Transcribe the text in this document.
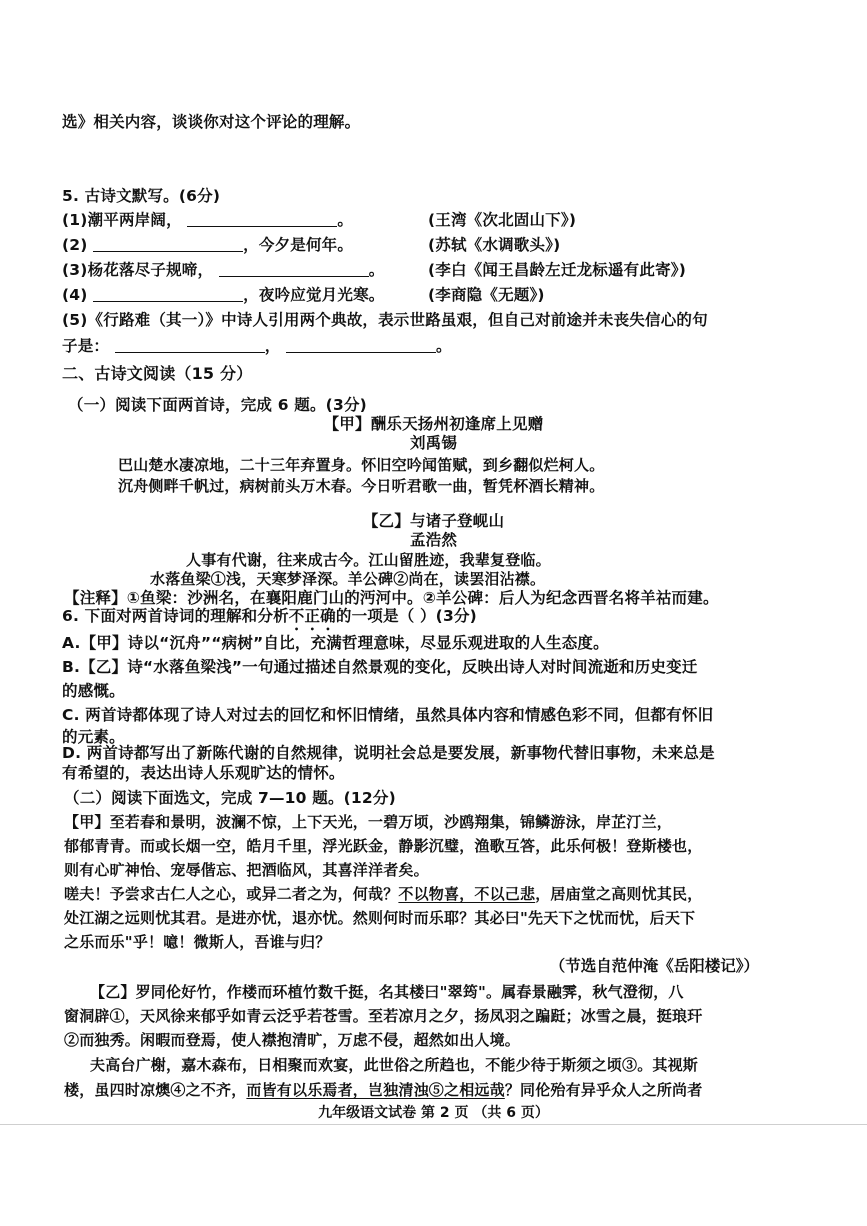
选》相关内容，谈谈你对这个评论的理解。
5. 古诗文默写。(6分)
(1)潮平两岸阔，	。	(王湾《次北固山下》)
(2)	，今夕是何年。	(苏轼《水调歌头》)
(3)杨花落尽子规啼，	。	(李白《闻王昌龄左迁龙标遥有此寄》)
(4)	，夜吟应觉月光寒。	(李商隐《无题》)
(5)《行路难（其一）》中诗人引用两个典故，表示世路虽艰，但自己对前途并未丧失信心的句
子是：	，	。
二、古诗文阅读（15 分）
（一）阅读下面两首诗，完成 6 题。(3分)
【甲】酬乐天扬州初逢席上见赠
刘禹锡
巴山楚水凄凉地，二十三年弃置身。怀旧空吟闻笛赋，到乡翻似烂柯人。
沉舟侧畔千帆过，病树前头万木春。今日听君歌一曲，暂凭杯酒长精神。
【乙】与诸子登岘山
孟浩然
人事有代谢，往来成古今。江山留胜迹，我辈复登临。
水落鱼梁①浅，天寒梦泽深。羊公碑②尚在，读罢泪沾襟。
【注释】①鱼梁：沙洲名，在襄阳鹿门山的沔河中。②羊公碑：后人为纪念西晋名将羊祜而建。
6. 下面对两首诗词的理解和分析不正确的一项是（ ）(3分)
A.【甲】诗以“沉舟”“病树”自比，充满哲理意味，尽显乐观进取的人生态度。
B.【乙】诗“水落鱼梁浅”一句通过描述自然景观的变化，反映出诗人对时间流逝和历史变迁
的感慨。
C. 两首诗都体现了诗人对过去的回忆和怀旧情绪，虽然具体内容和情感色彩不同，但都有怀旧
的元素。
D. 两首诗都写出了新陈代谢的自然规律，说明社会总是要发展，新事物代替旧事物，未来总是
有希望的，表达出诗人乐观旷达的情怀。
（二）阅读下面选文，完成 7—10 题。(12分)
【甲】至若春和景明，波澜不惊，上下天光，一碧万顷，沙鸥翔集，锦鳞游泳，岸芷汀兰，
郁郁青青。而或长烟一空，皓月千里，浮光跃金，静影沉璧，渔歌互答，此乐何极！登斯楼也，
则有心旷神怡、宠辱偕忘、把酒临风，其喜洋洋者矣。
嗟夫！予尝求古仁人之心，或异二者之为，何哉？不以物喜，不以己悲，居庙堂之高则忧其民，
处江湖之远则忧其君。是进亦忧，退亦忧。然则何时而乐耶？其必曰"先天下之忧而忧，后天下
之乐而乐"乎！噫！微斯人，吾谁与归？
（节选自范仲淹《岳阳楼记》）
【乙】罗同伦好竹，作楼而环植竹数千挺，名其楼曰"翠筠"。属春景融霁，秋气澄彻，八
窗洞辟①，天风徐来郁乎如青云泛乎若苍雪。至若凉月之夕，扬凤羽之蹁跹；冰雪之晨，挺琅玕
②而独秀。闲暇而登焉，使人襟抱清旷，万虑不侵，超然如出人境。
夫高台广榭，嘉木森布，日相聚而欢宴，此世俗之所趋也，不能少待于斯须之顷③。其视斯
楼，虽四时凉燠④之不齐，而皆有以乐焉者，岂独清浊⑤之相远哉？同伦殆有异乎众人之所尚者
九年级语文试卷 第 2 页 （共 6 页）
